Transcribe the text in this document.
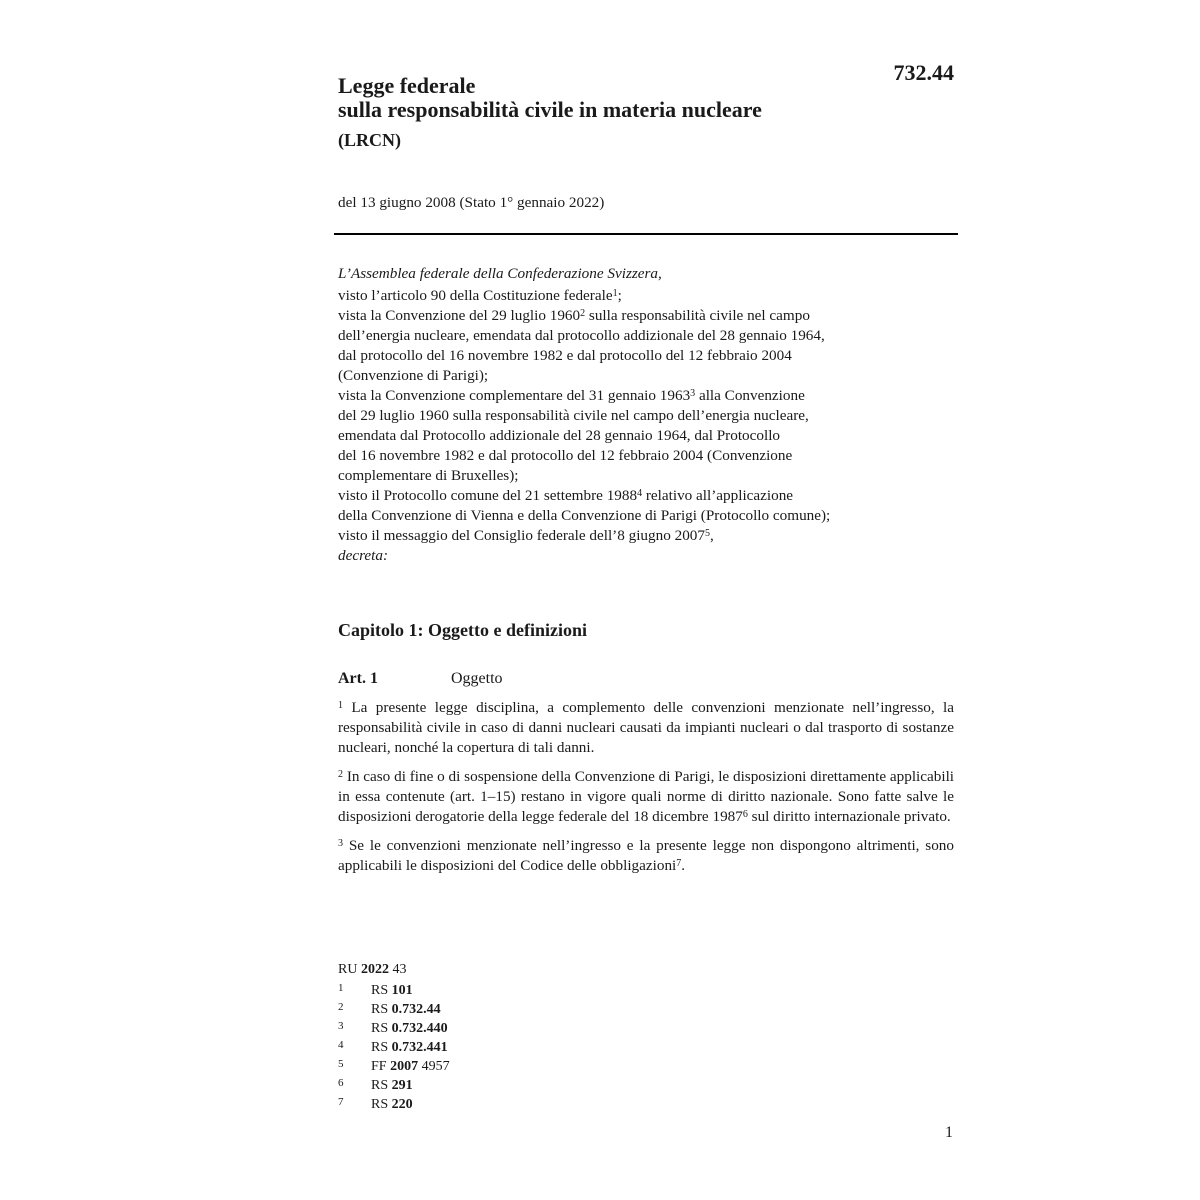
732.44
Legge federale
sulla responsabilità civile in materia nucleare
(LRCN)
del 13 giugno 2008 (Stato 1° gennaio 2022)
L’Assemblea federale della Confederazione Svizzera,
visto l’articolo 90 della Costituzione federale$^1$;
vista la Convenzione del 29 luglio 1960$^2$ sulla responsabilità civile nel campo
dell’energia nucleare, emendata dal protocollo addizionale del 28 gennaio 1964,
dal protocollo del 16 novembre 1982 e dal protocollo del 12 febbraio 2004
(Convenzione di Parigi);
vista la Convenzione complementare del 31 gennaio 1963$^3$ alla Convenzione
del 29 luglio 1960 sulla responsabilità civile nel campo dell’energia nucleare,
emendata dal Protocollo addizionale del 28 gennaio 1964, dal Protocollo
del 16 novembre 1982 e dal protocollo del 12 febbraio 2004 (Convenzione
complementare di Bruxelles);
visto il Protocollo comune del 21 settembre 1988$^4$ relativo all’applicazione
della Convenzione di Vienna e della Convenzione di Parigi (Protocollo comune);
visto il messaggio del Consiglio federale dell’8 giugno 2007$^5$,
decreta:
Capitolo 1: Oggetto e definizioni
Art. 1	Oggetto

$^1$ La presente legge disciplina, a complemento delle convenzioni menzionate nell’ingresso, la responsabilità civile in caso di danni nucleari causati da impianti nucleari o dal trasporto di sostanze nucleari, nonché la copertura di tali danni.

$^2$ In caso di fine o di sospensione della Convenzione di Parigi, le disposizioni direttamente applicabili in essa contenute (art. 1–15) restano in vigore quali norme di diritto nazionale. Sono fatte salve le disposizioni derogatorie della legge federale del 18 dicembre 1987$^6$ sul diritto internazionale privato.

$^3$ Se le convenzioni menzionate nell’ingresso e la presente legge non dispongono altrimenti, sono applicabili le disposizioni del Codice delle obbligazioni$^7$.

RU 2022 43
1 RS 101
2 RS 0.732.44
3 RS 0.732.440
4 RS 0.732.441
5 FF 2007 4957
6 RS 291
7 RS 220
1
